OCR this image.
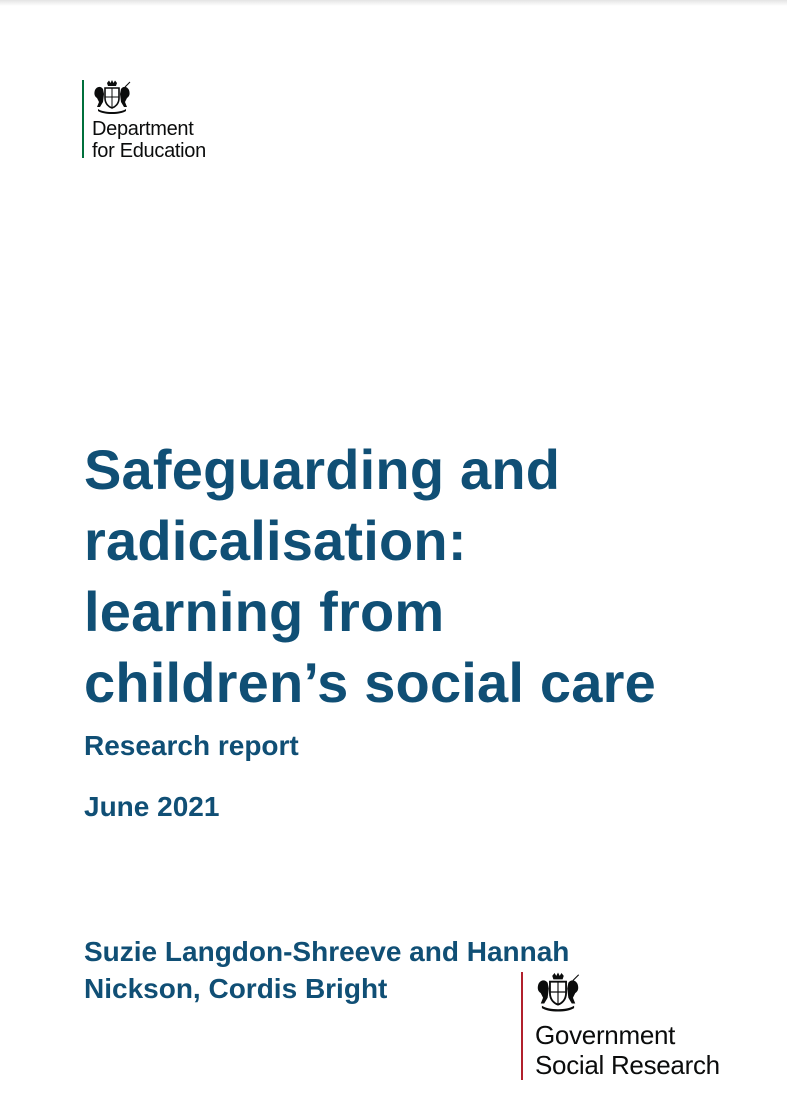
Department
for Education
Safeguarding and
radicalisation:
learning from
children’s social care

Research report

June 2021

Suzie Langdon-Shreeve and Hannah
Nickson, Cordis Bright
Government
Social Research
